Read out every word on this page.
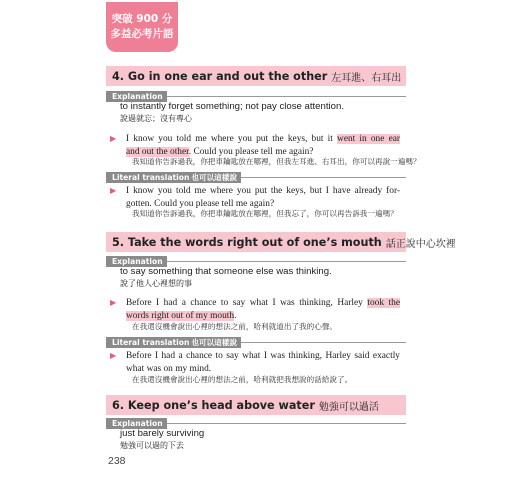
突破 900 分
多益必考片語
4. Go in one ear and out the other 左耳進、右耳出
Explanation
to instantly forget something; not pay close attention.
說過就忘；沒有專心
▶ I know you told me where you put the keys, but it went in one ear
and out the other. Could you please tell me again?
我知道你告訴過我，你把車鑰匙放在哪裡，但我左耳進、右耳出，你可以再說一遍嗎？
Literal translation 也可以這樣說
▶ I know you told me where you put the keys, but I have already for-
gotten. Could you please tell me again?
我知道你告訴過我，你把車鑰匙放在哪裡，但我忘了，你可以再告訴我一遍嗎？
5. Take the words right out of one’s mouth 話正說中心坎裡
Explanation
to say something that someone else was thinking.
說了他人心裡想的事
▶ Before I had a chance to say what I was thinking, Harley took the
words right out of my mouth.
在我還沒機會說出心裡的想法之前，哈利就道出了我的心聲。
Literal translation 也可以這樣說
▶ Before I had a chance to say what I was thinking, Harley said exactly
what was on my mind.
在我還沒機會說出心裡的想法之前，哈利就把我想說的話給說了。
6. Keep one’s head above water 勉強可以過活
Explanation
just barely surviving
勉強可以過的下去
238
